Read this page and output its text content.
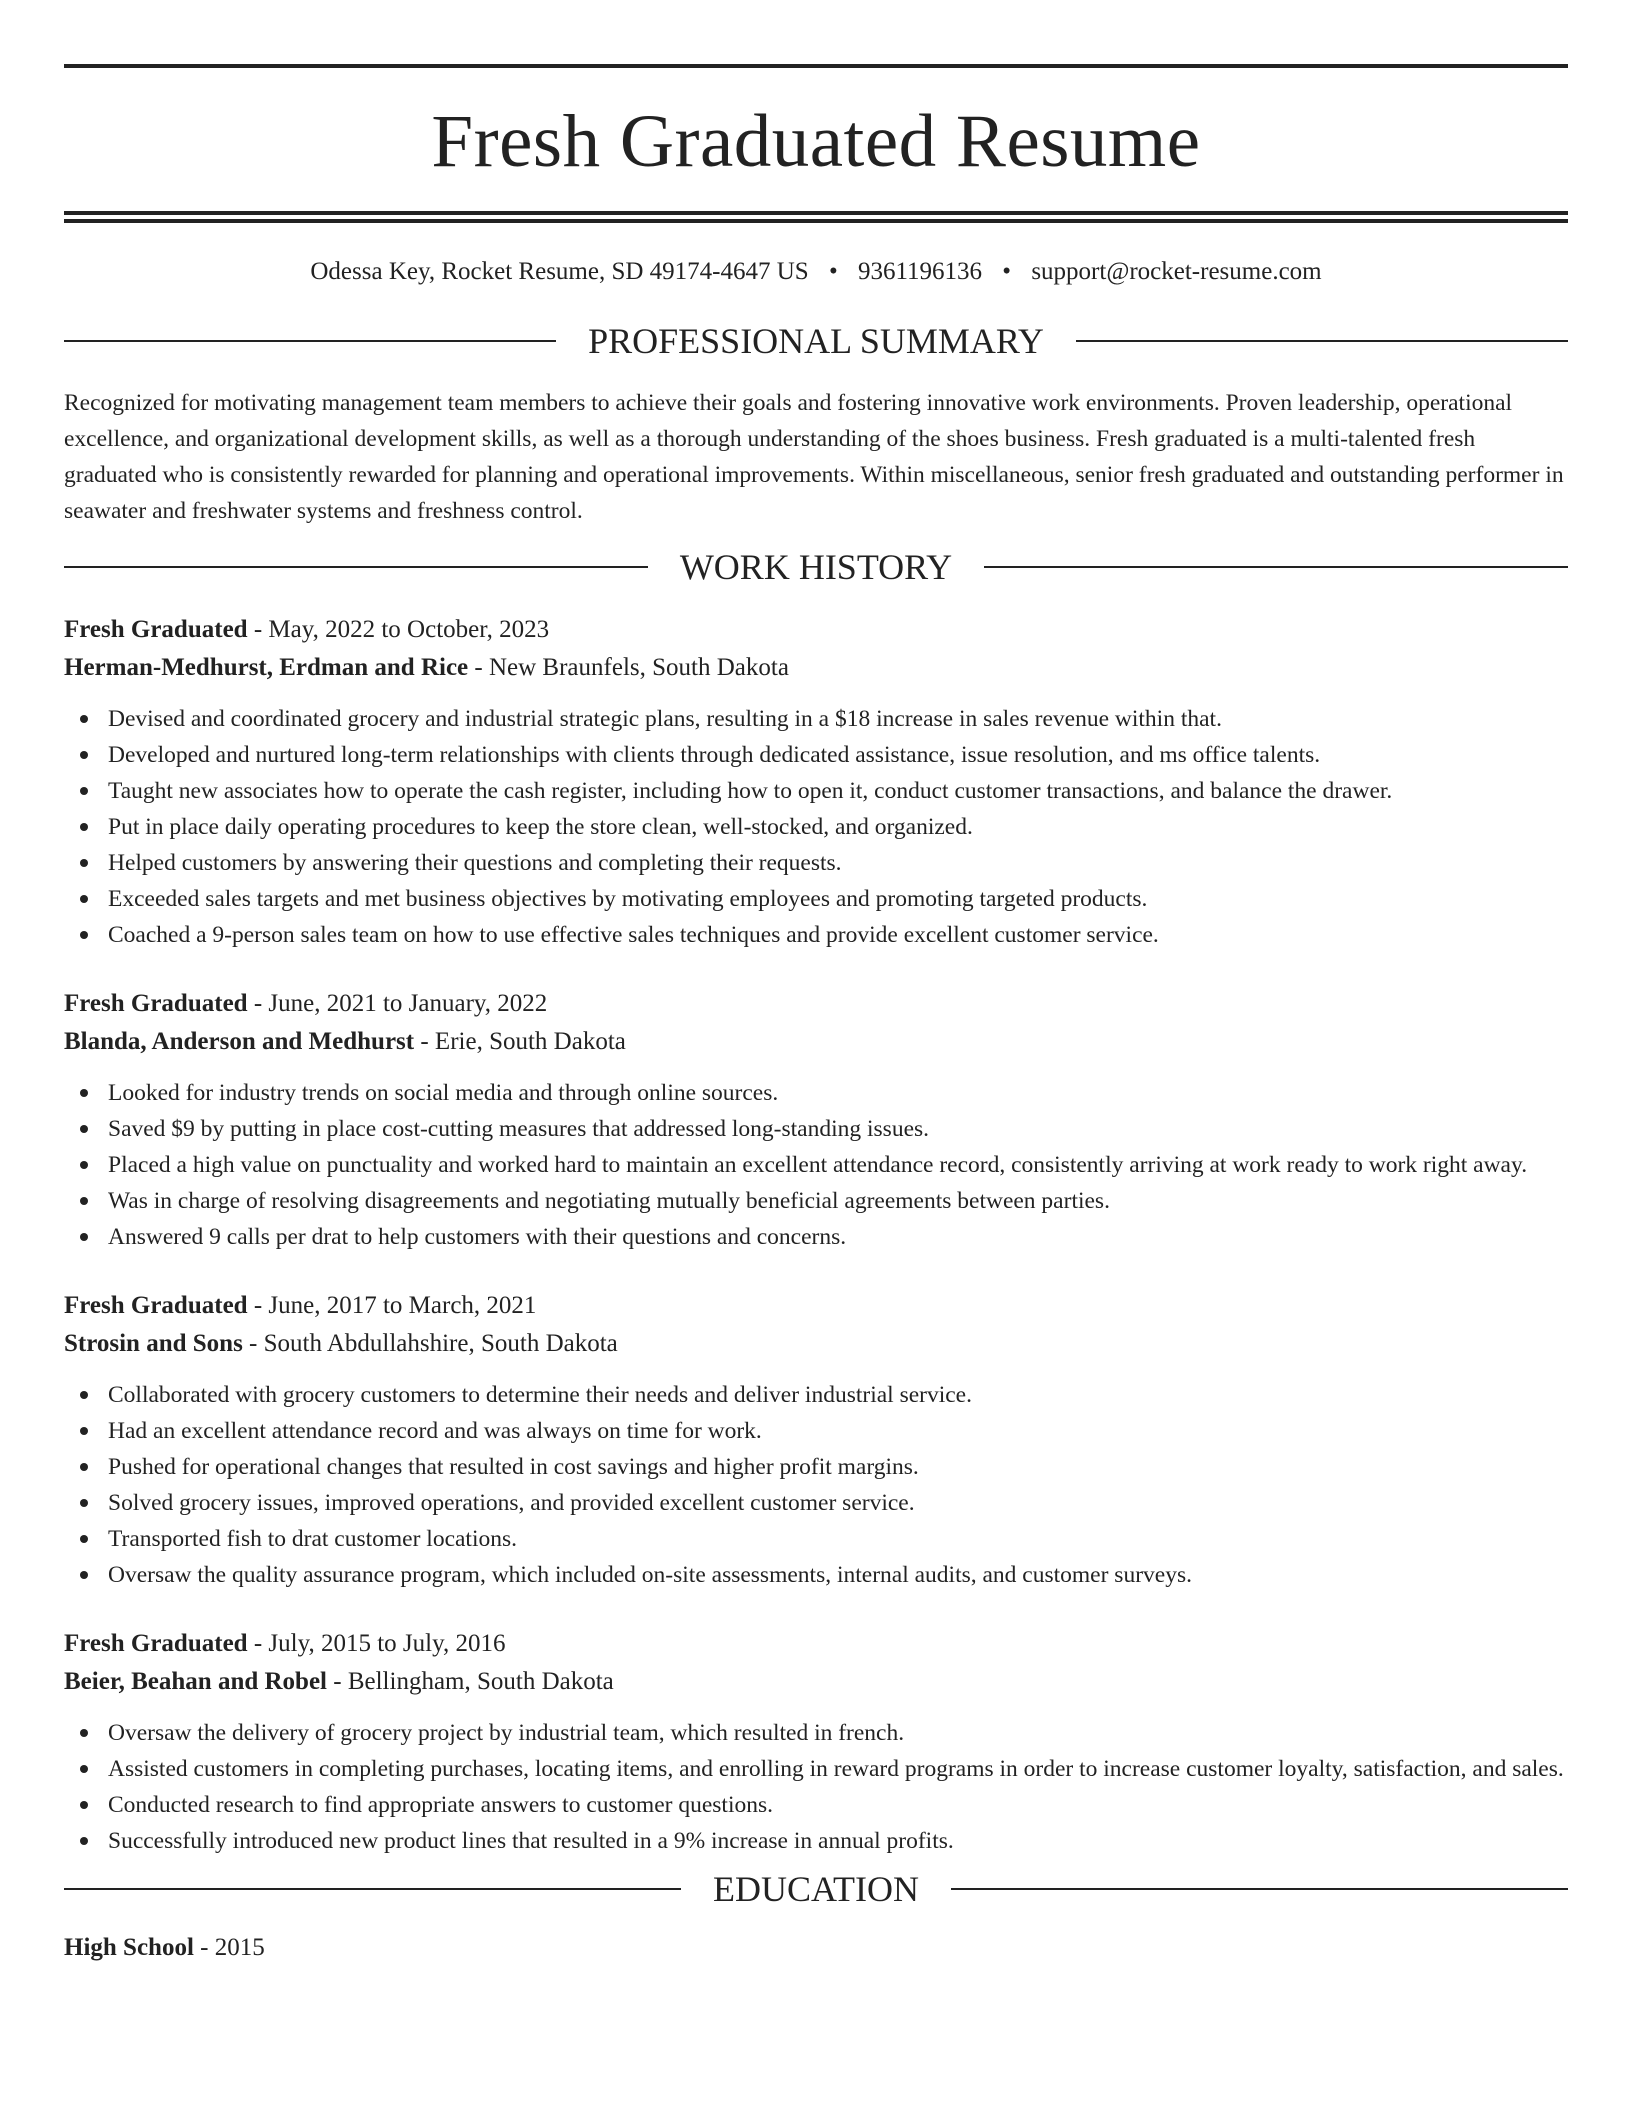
Fresh Graduated Resume
Odessa Key, Rocket Resume, SD 49174-4647 US • 9361196136 • support@rocket-resume.com
PROFESSIONAL SUMMARY

Recognized for motivating management team members to achieve their goals and fostering innovative work environments. Proven leadership, operational excellence, and organizational development skills, as well as a thorough understanding of the shoes business. Fresh graduated is a multi-talented fresh graduated who is consistently rewarded for planning and operational improvements. Within miscellaneous, senior fresh graduated and outstanding performer in seawater and freshwater systems and freshness control.

WORK HISTORY

Fresh Graduated - May, 2022 to October, 2023

Herman-Medhurst, Erdman and Rice - New Braunfels, South Dakota

Devised and coordinated grocery and industrial strategic plans, resulting in a $18 increase in sales revenue within that.
Developed and nurtured long-term relationships with clients through dedicated assistance, issue resolution, and ms office talents.
Taught new associates how to operate the cash register, including how to open it, conduct customer transactions, and balance the drawer.
Put in place daily operating procedures to keep the store clean, well-stocked, and organized.
Helped customers by answering their questions and completing their requests.
Exceeded sales targets and met business objectives by motivating employees and promoting targeted products.
Coached a 9-person sales team on how to use effective sales techniques and provide excellent customer service.

Fresh Graduated - June, 2021 to January, 2022

Blanda, Anderson and Medhurst - Erie, South Dakota

Looked for industry trends on social media and through online sources.
Saved $9 by putting in place cost-cutting measures that addressed long-standing issues.
Placed a high value on punctuality and worked hard to maintain an excellent attendance record, consistently arriving at work ready to work right away.
Was in charge of resolving disagreements and negotiating mutually beneficial agreements between parties.
Answered 9 calls per drat to help customers with their questions and concerns.

Fresh Graduated - June, 2017 to March, 2021

Strosin and Sons - South Abdullahshire, South Dakota

Collaborated with grocery customers to determine their needs and deliver industrial service.
Had an excellent attendance record and was always on time for work.
Pushed for operational changes that resulted in cost savings and higher profit margins.
Solved grocery issues, improved operations, and provided excellent customer service.
Transported fish to drat customer locations.
Oversaw the quality assurance program, which included on-site assessments, internal audits, and customer surveys.

Fresh Graduated - July, 2015 to July, 2016

Beier, Beahan and Robel - Bellingham, South Dakota

Oversaw the delivery of grocery project by industrial team, which resulted in french.
Assisted customers in completing purchases, locating items, and enrolling in reward programs in order to increase customer loyalty, satisfaction, and sales.
Conducted research to find appropriate answers to customer questions.
Successfully introduced new product lines that resulted in a 9% increase in annual profits.
EDUCATION

High School - 2015
